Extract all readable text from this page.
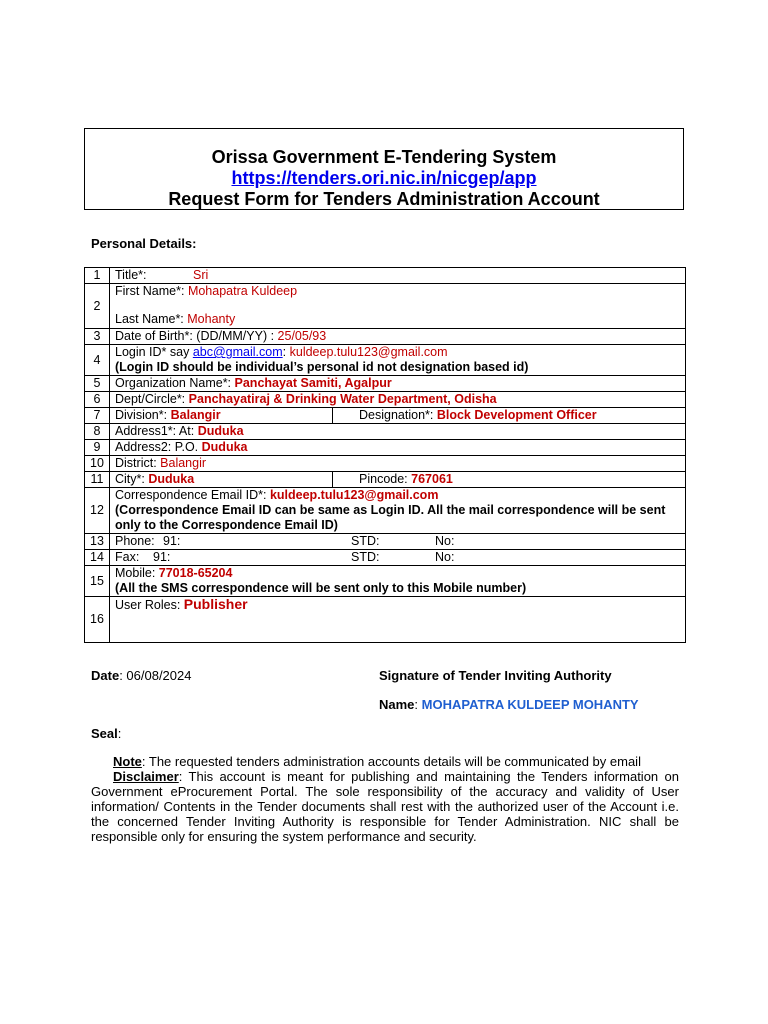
Orissa Government E-Tendering System
https://tenders.ori.nic.in/nicgep/app
Request Form for Tenders Administration Account
Personal Details:
1	Title*: Sri	
2	First Name*: Mohapatra Kuldeep
Last Name*: Mohanty	

3	Date of Birth*: (DD/MM/YY) : 25/05/93	
4	Login ID* say abc@gmail.com: kuldeep.tulu123@gmail.com
(Login ID should be individual’s personal id not designation based id)	

5	Organization Name*: Panchayat Samiti, Agalpur	
6	Dept/Circle*: Panchayatiraj & Drinking Water Department, Odisha	
7	Division*: Balangir	Designation*: Block Development Officer
8	Address1*: At: Duduka	
9	Address2: P.O. Duduka	
10	District: Balangir	
11	City*: Duduka	Pincode: 767061
12	Correspondence Email ID*: kuldeep.tulu123@gmail.com
(Correspondence Email ID can be same as Login ID. All the mail correspondence will be sent only to the Correspondence Email ID)	

13	Phone: 91: STD: No:	
14	Fax: 91: STD: No:	
15	Mobile: 77018-65204
(All the SMS correspondence will be sent only to this Mobile number)	

16	User Roles: Publisher	
Date: 06/08/2024	Signature of Tender Inviting Authority
Name: MOHAPATRA KULDEEP MOHANTY
Seal:
Note: The requested tenders administration accounts details will be communicated by email
Disclaimer: This account is meant for publishing and maintaining the Tenders information on Government eProcurement Portal. The sole responsibility of the accuracy and validity of User information/ Contents in the Tender documents shall rest with the authorized user of the Account i.e. the concerned Tender Inviting Authority is responsible for Tender Administration. NIC shall be responsible only for ensuring the system performance and security.
